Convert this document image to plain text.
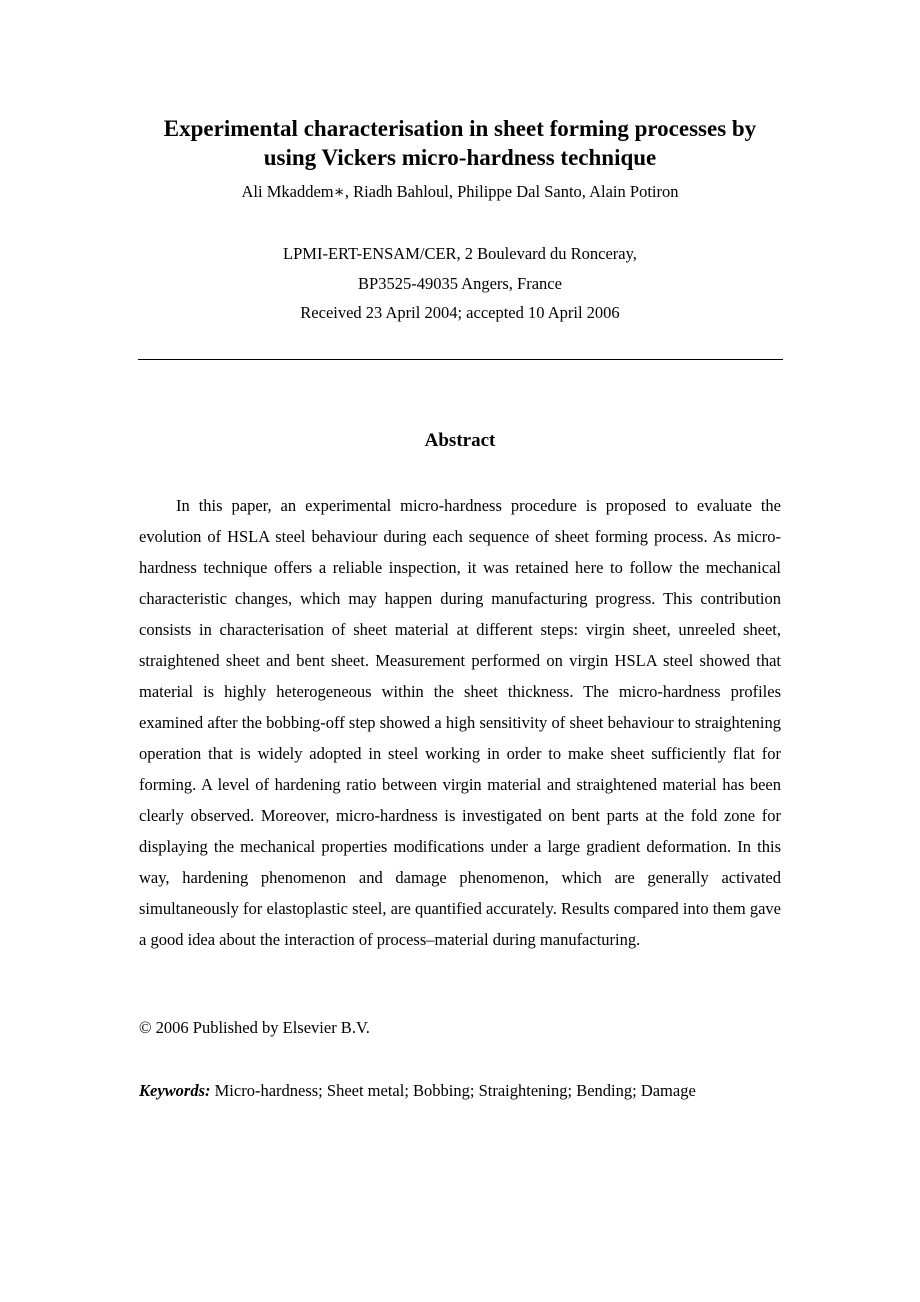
Experimental characterisation in sheet forming processes by
using Vickers micro-hardness technique

Ali Mkaddem∗, Riadh Bahloul, Philippe Dal Santo, Alain Potiron

LPMI-ERT-ENSAM/CER, 2 Boulevard du Ronceray,

BP3525-49035 Angers, France

Received 23 April 2004; accepted 10 April 2006

Abstract

In this paper, an experimental micro-hardness procedure is proposed to evaluate the evolution of HSLA steel behaviour during each sequence of sheet forming process. As micro-hardness technique offers a reliable inspection, it was retained here to follow the mechanical characteristic changes, which may happen during manufacturing progress. This contribution consists in characterisation of sheet material at different steps: virgin sheet, unreeled sheet, straightened sheet and bent sheet. Measurement performed on virgin HSLA steel showed that material is highly heterogeneous within the sheet thickness. The micro-hardness profiles examined after the bobbing-off step showed a high sensitivity of sheet behaviour to straightening operation that is widely adopted in steel working in order to make sheet sufficiently flat for forming. A level of hardening ratio between virgin material and straightened material has been clearly observed. Moreover, micro-hardness is investigated on bent parts at the fold zone for displaying the mechanical properties modifications under a large gradient deformation. In this way, hardening phenomenon and damage phenomenon, which are generally activated simultaneously for elastoplastic steel, are quantified accurately. Results compared into them gave a good idea about the interaction of process–material during manufacturing.

© 2006 Published by Elsevier B.V.

Keywords: Micro-hardness; Sheet metal; Bobbing; Straightening; Bending; Damage
